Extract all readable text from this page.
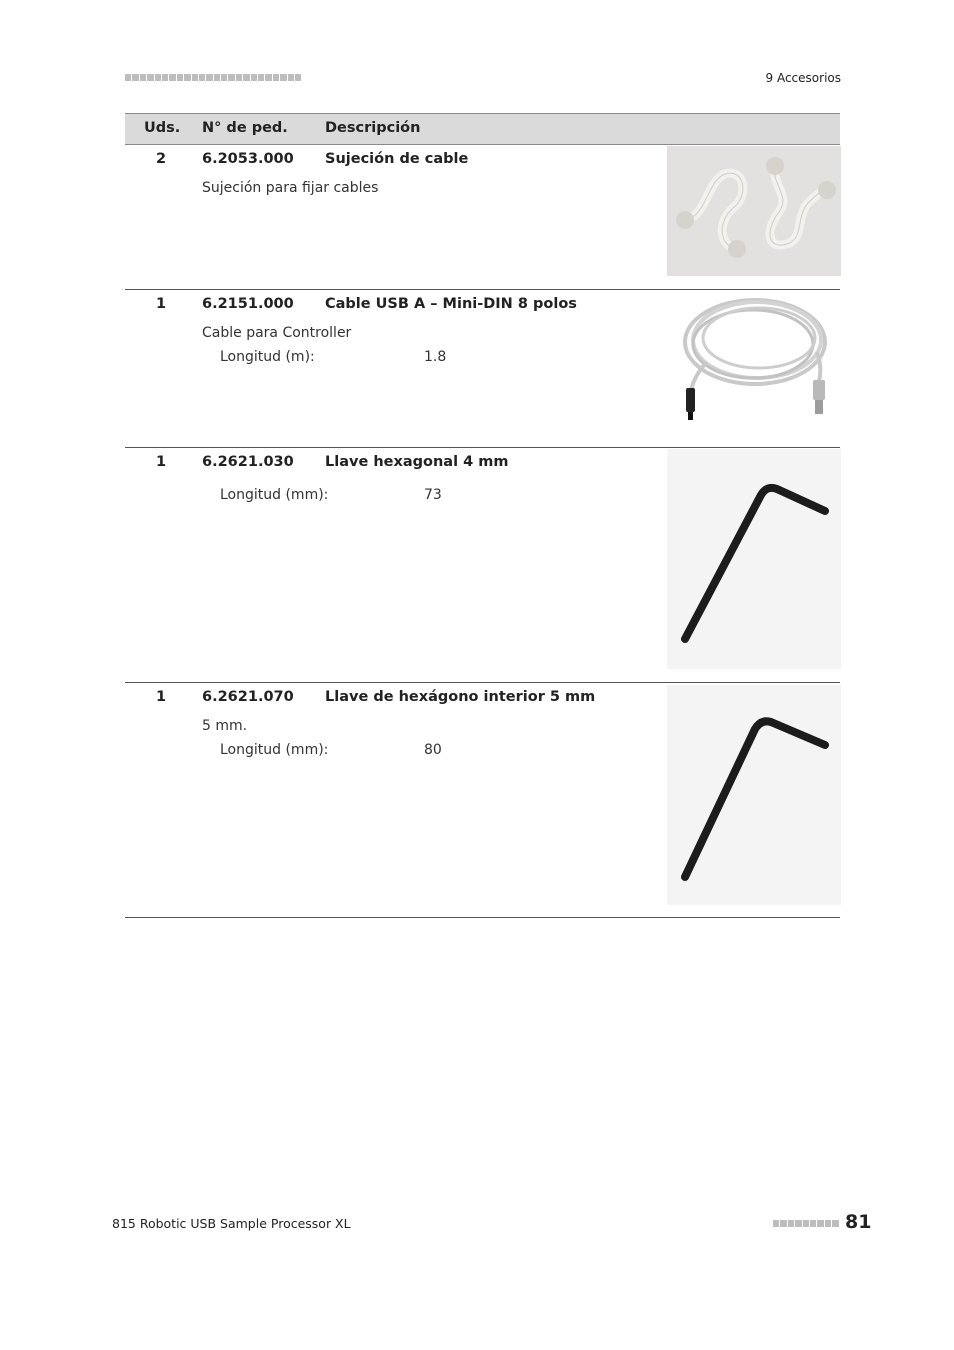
9 Accesorios
Uds. N° de ped.	Descripción
2 6.2053.000 Sujeción de cable
Sujeción para fijar cables
1 6.2151.000 Cable USB A – Mini-DIN 8 polos
Cable para Controller
Longitud (m):	1.8
1 6.2621.030 Llave hexagonal 4 mm
Longitud (mm):	73
1 6.2621.070 Llave de hexágono interior 5 mm
5 mm.
Longitud (mm):	80
815 Robotic USB Sample Processor XL	81
